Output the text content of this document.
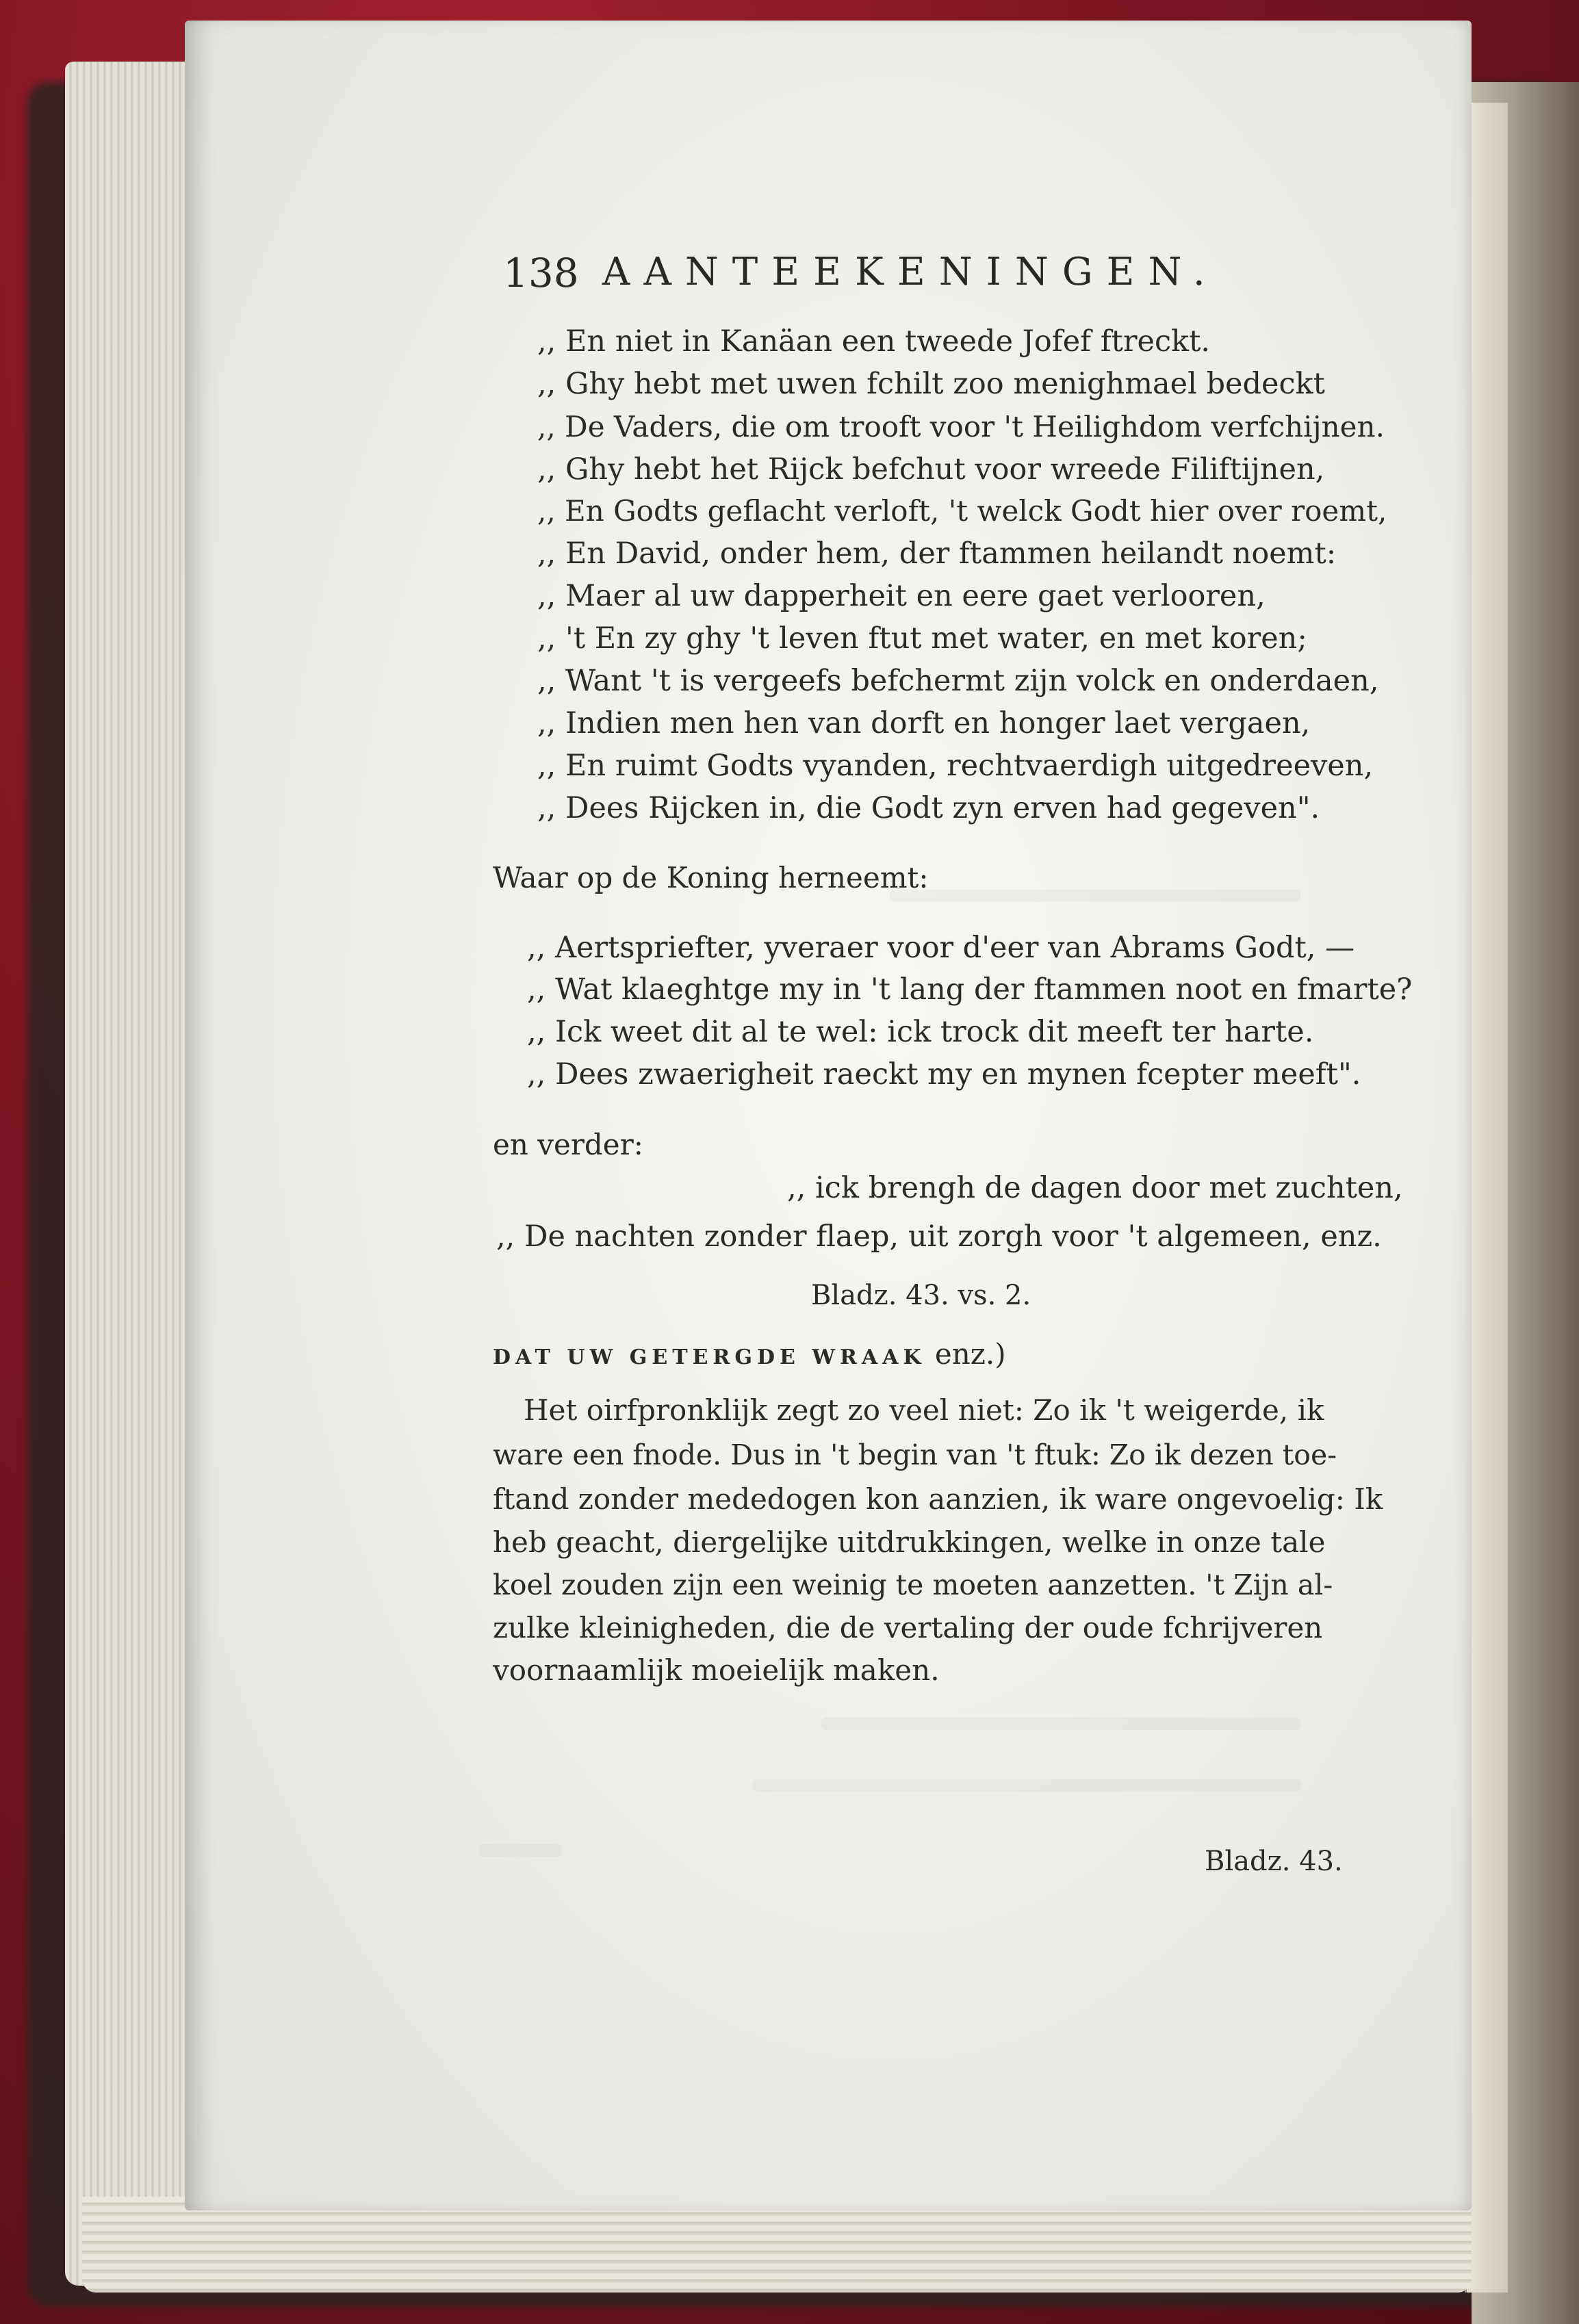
138 AANTEEKENINGEN.
,, En niet in Kanäan een tweede Jofef ftreckt.
,, Ghy hebt met uwen fchilt zoo menighmael bedeckt
,, De Vaders, die om trooft voor 't Heilighdom verfchijnen.
,, Ghy hebt het Rijck befchut voor wreede Filiftijnen,
,, En Godts geflacht verloft, 't welck Godt hier over roemt,
,, En David, onder hem, der ftammen heilandt noemt:
,, Maer al uw dapperheit en eere gaet verlooren,
,, 't En zy ghy 't leven ftut met water, en met koren;
,, Want 't is vergeefs befchermt zijn volck en onderdaen,
,, Indien men hen van dorft en honger laet vergaen,
,, En ruimt Godts vyanden, rechtvaerdigh uitgedreeven,
,, Dees Rijcken in, die Godt zyn erven had gegeven".
Waar op de Koning herneemt:
,, Aertspriefter, yveraer voor d'eer van Abrams Godt, —
,, Wat klaeghtge my in 't lang der ftammen noot en fmarte?
,, Ick weet dit al te wel: ick trock dit meeft ter harte.
,, Dees zwaerigheit raeckt my en mynen fcepter meeft".
en verder:
,, ick brengh de dagen door met zuchten,
,, De nachten zonder flaep, uit zorgh voor 't algemeen, enz.
Bladz. 43. vs. 2.
DAT UW GETERGDE WRAAK enz.)
Het oirfpronklijk zegt zo veel niet: Zo ik 't weigerde, ik
ware een fnode. Dus in 't begin van 't ftuk: Zo ik dezen toe-
ftand zonder mededogen kon aanzien, ik ware ongevoelig: Ik
heb geacht, diergelijke uitdrukkingen, welke in onze tale
koel zouden zijn een weinig te moeten aanzetten. 't Zijn al-
zulke kleinigheden, die de vertaling der oude fchrijveren
voornaamlijk moeielijk maken.
Bladz. 43.
